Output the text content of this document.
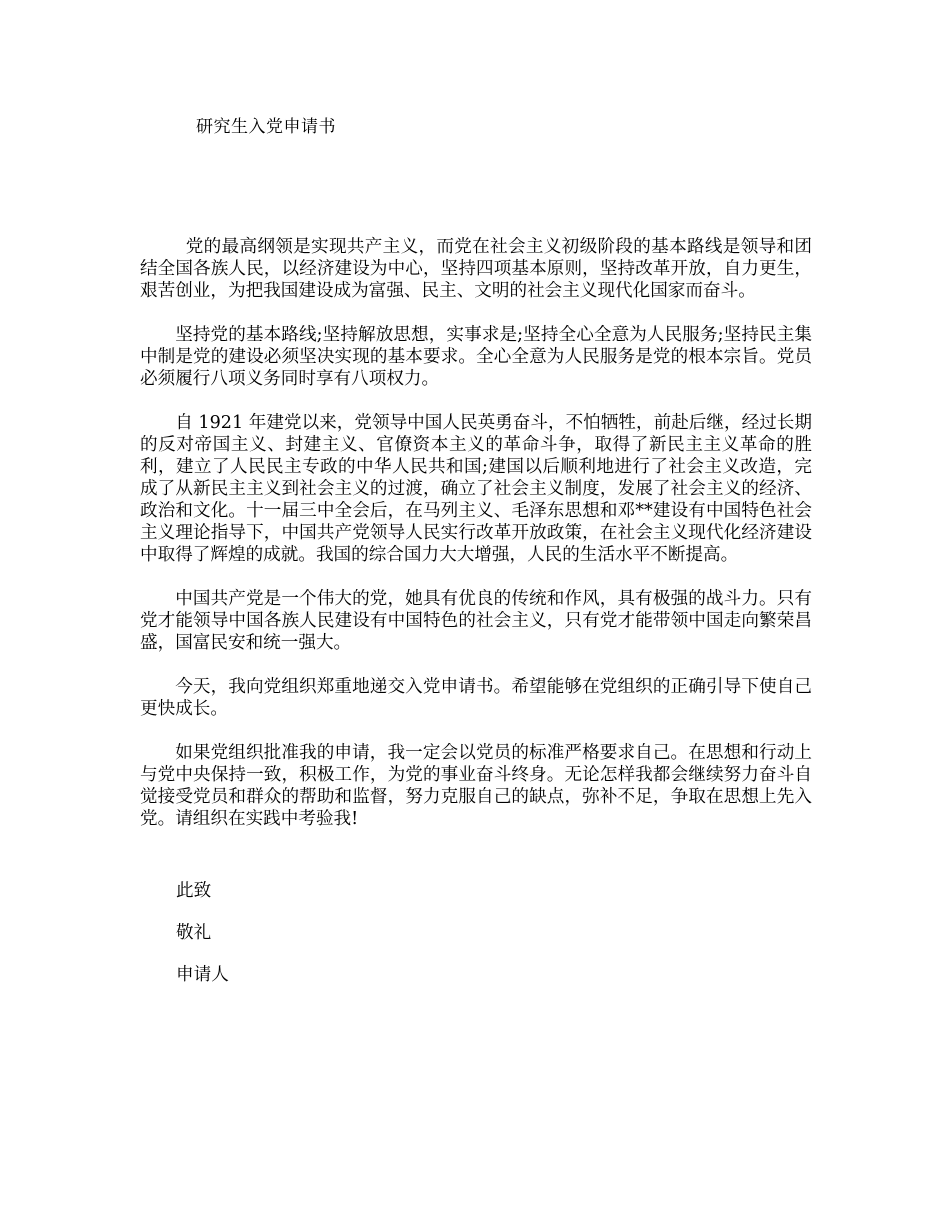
研究生入党申请书

党的最高纲领是实现共产主义，而党在社会主义初级阶段的基本路线是领导和团结全国各族人民，以经济建设为中心，坚持四项基本原则，坚持改革开放，自力更生，艰苦创业，为把我国建设成为富强、民主、文明的社会主义现代化国家而奋斗。

坚持党的基本路线;坚持解放思想，实事求是;坚持全心全意为人民服务;坚持民主集中制是党的建设必须坚决实现的基本要求。全心全意为人民服务是党的根本宗旨。党员必须履行八项义务同时享有八项权力。

自 1921 年建党以来，党领导中国人民英勇奋斗，不怕牺牲，前赴后继，经过长期的反对帝国主义、封建主义、官僚资本主义的革命斗争，取得了新民主主义革命的胜利，建立了人民民主专政的中华人民共和国;建国以后顺利地进行了社会主义改造，完成了从新民主主义到社会主义的过渡，确立了社会主义制度，发展了社会主义的经济、政治和文化。十一届三中全会后，在马列主义、毛泽东思想和邓**建设有中国特色社会主义理论指导下，中国共产党领导人民实行改革开放政策，在社会主义现代化经济建设中取得了辉煌的成就。我国的综合国力大大增强，人民的生活水平不断提高。

中国共产党是一个伟大的党，她具有优良的传统和作风，具有极强的战斗力。只有党才能领导中国各族人民建设有中国特色的社会主义，只有党才能带领中国走向繁荣昌盛，国富民安和统一强大。

今天，我向党组织郑重地递交入党申请书。希望能够在党组织的正确引导下使自己更快成长。

如果党组织批准我的申请，我一定会以党员的标准严格要求自己。在思想和行动上与党中央保持一致，积极工作，为党的事业奋斗终身。无论怎样我都会继续努力奋斗自觉接受党员和群众的帮助和监督，努力克服自己的缺点，弥补不足，争取在思想上先入党。请组织在实践中考验我!

此致
敬礼
申请人
